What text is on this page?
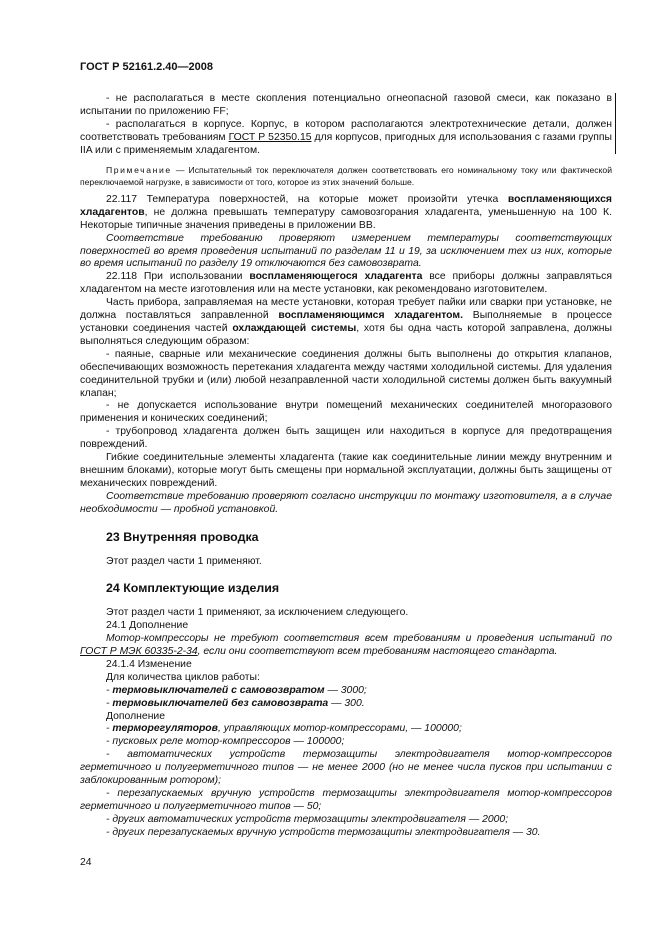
ГОСТ Р 52161.2.40—2008

- не располагаться в месте скопления потенциально огнеопасной газовой смеси, как показано в испытании по приложению FF;

- располагаться в корпусе. Корпус, в котором располагаются электротехнические детали, должен соответствовать требованиям ГОСТ Р 52350.15 для корпусов, пригодных для использования с газами группы IIA или с применяемым хладагентом.

Примечание — Испытательный ток переключателя должен соответствовать его номинальному току или фактической переключаемой нагрузке, в зависимости от того, которое из этих значений больше.

22.117 Температура поверхностей, на которые может произойти утечка воспламеняющихся хладагентов, не должна превышать температуру самовозгорания хладагента, уменьшенную на 100 К. Некоторые типичные значения приведены в приложении ВВ.

Соответствие требованию проверяют измерением температуры соответствующих поверхностей во время проведения испытаний по разделам 11 и 19, за исключением тех из них, которые во время испытаний по разделу 19 отключаются без самовозврата.

22.118 При использовании воспламеняющегося хладагента все приборы должны заправляться хладагентом на месте изготовления или на месте установки, как рекомендовано изготовителем.

Часть прибора, заправляемая на месте установки, которая требует пайки или сварки при установке, не должна поставляться заправленной воспламеняющимся хладагентом. Выполняемые в процессе установки соединения частей охлаждающей системы, хотя бы одна часть которой заправлена, должны выполняться следующим образом:

- паяные, сварные или механические соединения должны быть выполнены до открытия клапанов, обеспечивающих возможность перетекания хладагента между частями холодильной системы. Для удаления соединительной трубки и (или) любой незаправленной части холодильной системы должен быть вакуумный клапан;

- не допускается использование внутри помещений механических соединителей многоразового применения и конических соединений;

- трубопровод хладагента должен быть защищен или находиться в корпусе для предотвращения повреждений.

Гибкие соединительные элементы хладагента (такие как соединительные линии между внутренним и внешним блоками), которые могут быть смещены при нормальной эксплуатации, должны быть защищены от механических повреждений.

Соответствие требованию проверяют согласно инструкции по монтажу изготовителя, а в случае необходимости — пробной установкой.

23 Внутренняя проводка

Этот раздел части 1 применяют.

24 Комплектующие изделия

Этот раздел части 1 применяют, за исключением следующего.

24.1 Дополнение

Мотор-компрессоры не требуют соответствия всем требованиям и проведения испытаний по ГОСТ Р МЭК 60335-2-34, если они соответствуют всем требованиям настоящего стандарта.

24.1.4 Изменение

Для количества циклов работы:

- термовыключателей с самовозвратом — 3000;

- термовыключателей без самовозврата — 300.

Дополнение

- терморегуляторов, управляющих мотор-компрессорами, — 100000;

- пусковых реле мотор-компрессоров — 100000;

- автоматических устройств термозащиты электродвигателя мотор-компрессоров герметичного и полугерметичного типов — не менее 2000 (но не менее числа пусков при испытании с заблокированным ротором);

- перезапускаемых вручную устройств термозащиты электродвигателя мотор-компрессоров герметичного и полугерметичного типов — 50;

- других автоматических устройств термозащиты электродвигателя — 2000;

- других перезапускаемых вручную устройств термозащиты электродвигателя — 30.

24
